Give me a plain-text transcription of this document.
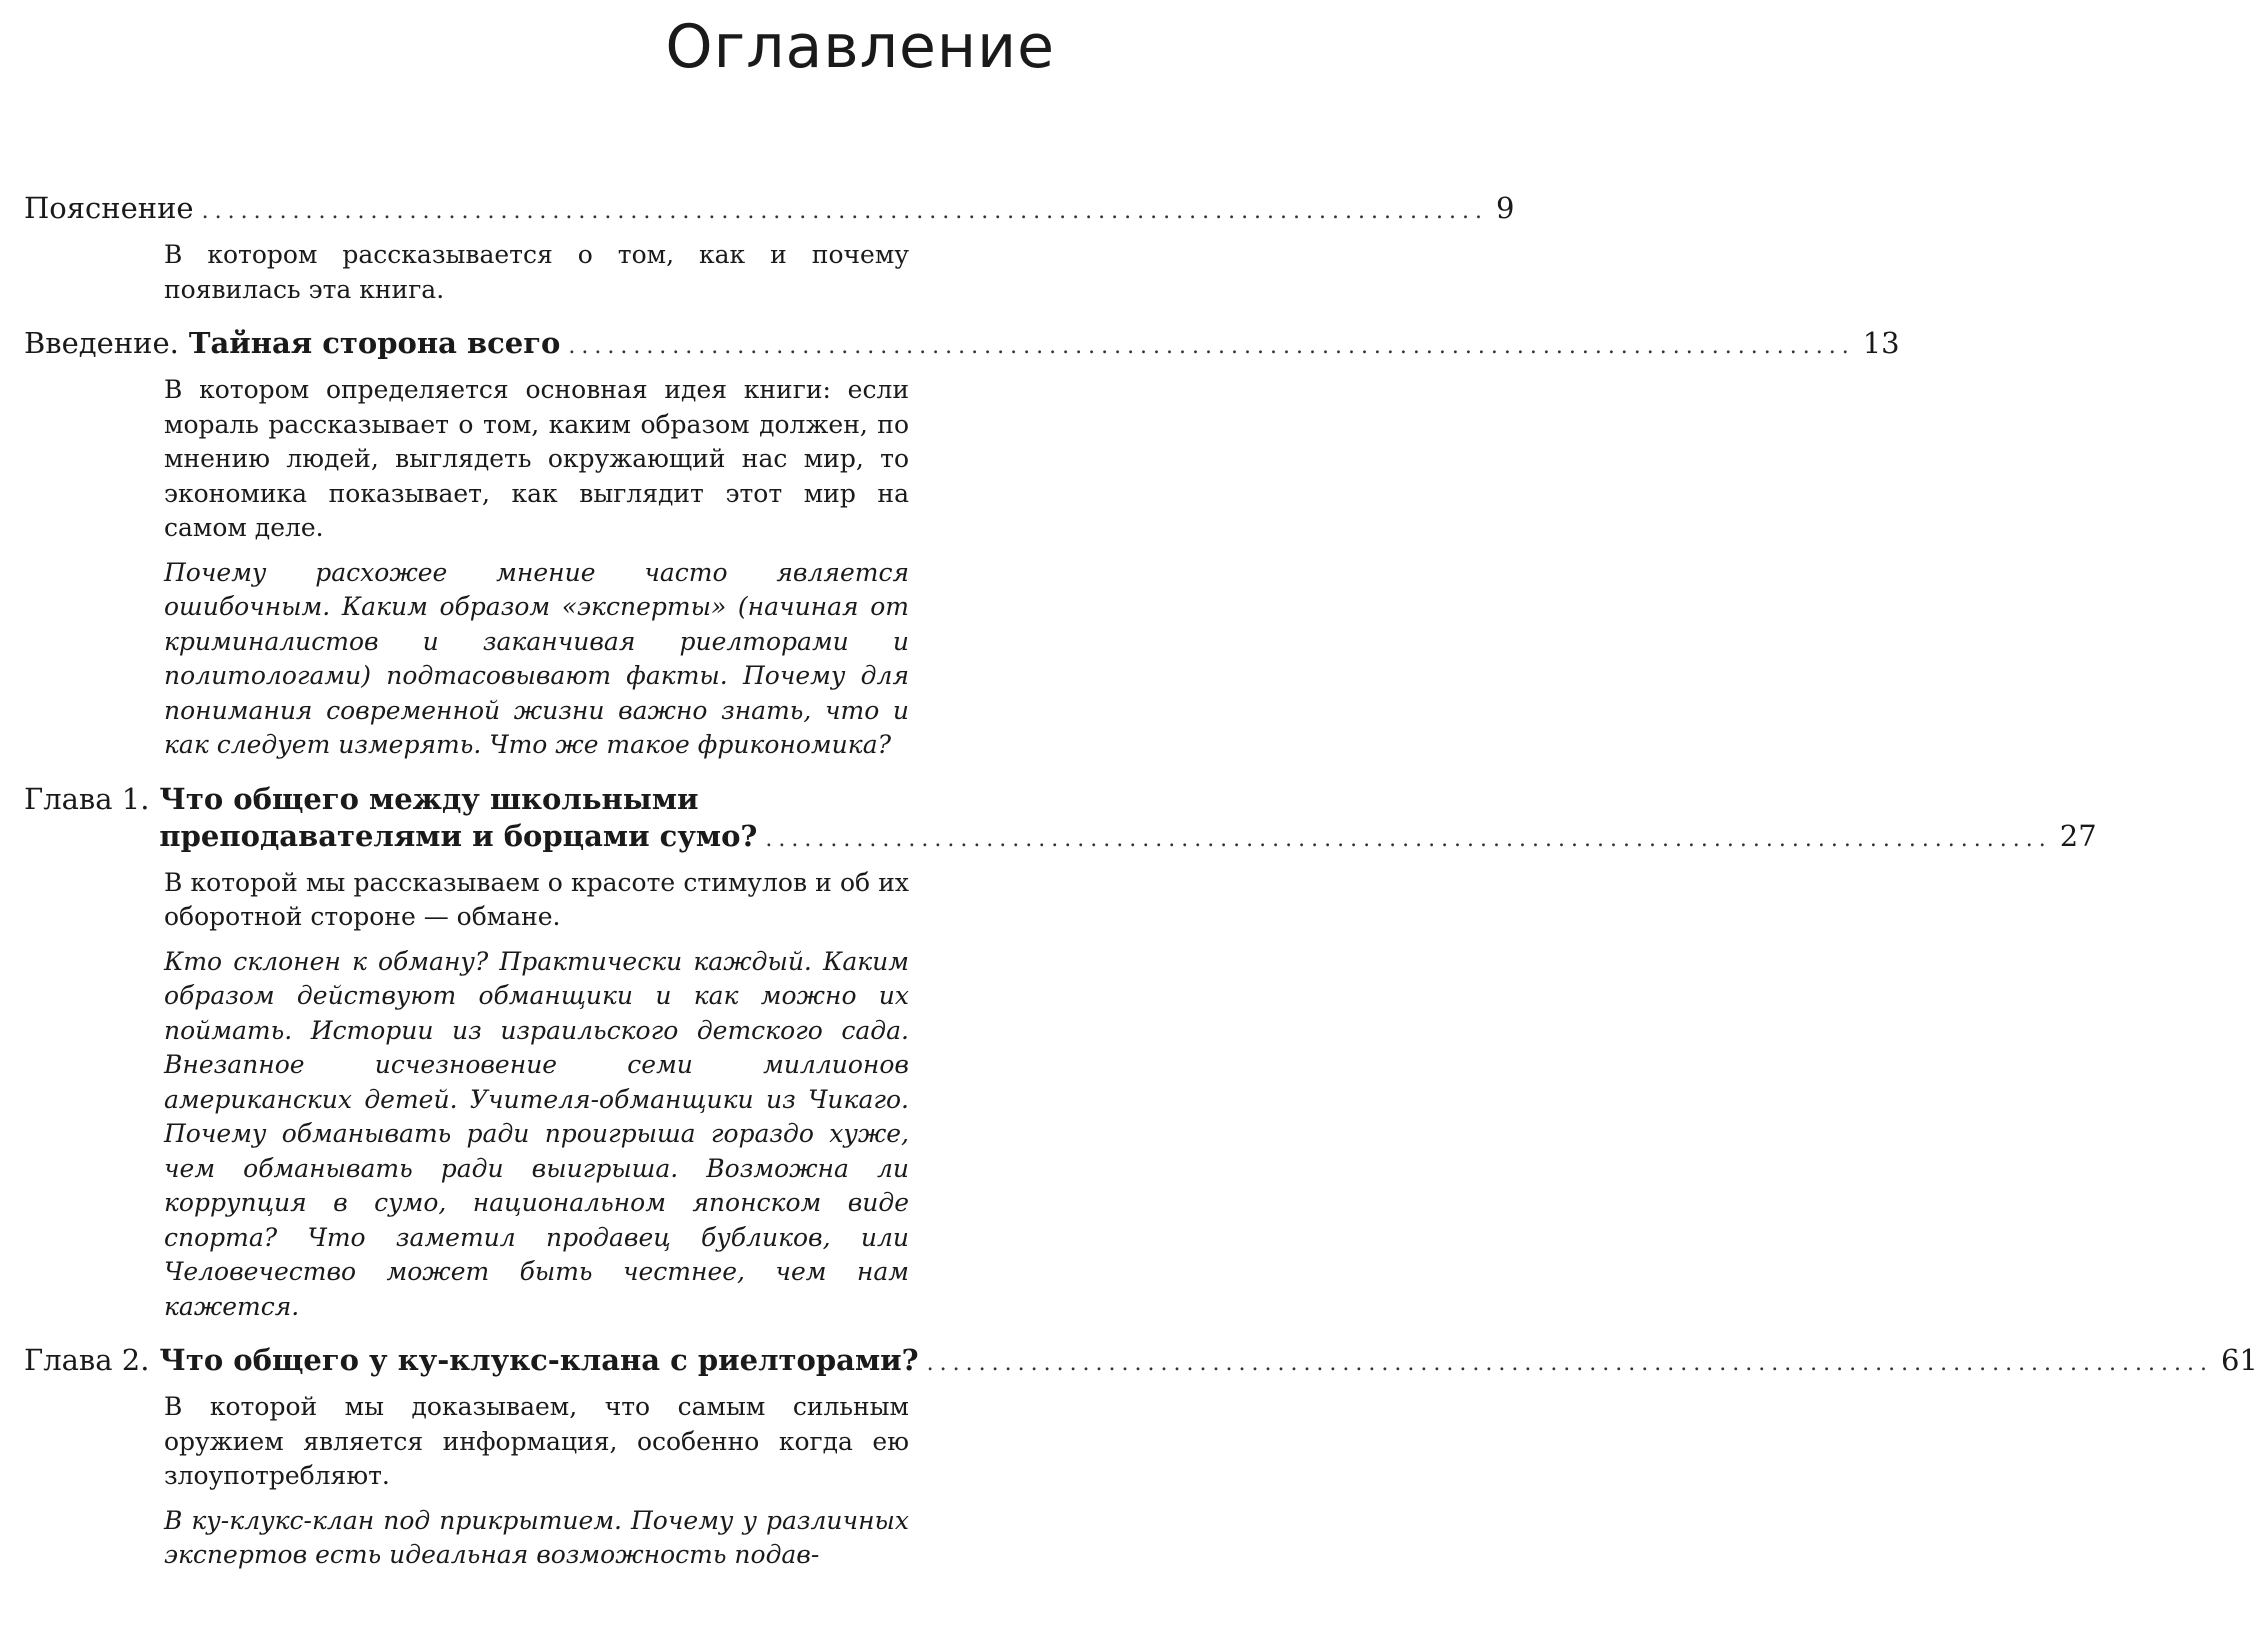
Оглавление
Пояснение ................................................................................................... 9

В котором рассказывается о том, как и почему появилась эта книга.

Введение. Тайная сторона всего ................................................................................................... 13

В котором определяется основная идея книги: если мораль рассказывает о том, каким образом должен, по мнению людей, выглядеть окружающий нас мир, то экономика показывает, как выглядит этот мир на самом деле.

Почему расхожее мнение часто является ошибочным. Каким образом «эксперты» (начиная от криминалистов и заканчивая риелторами и политологами) подтасовывают факты. Почему для понимания современной жизни важно знать, что и как следует измерять. Что же такое фрикономика?

Глава 1. Что общего между школьными
преподавателями и борцами сумо? ................................................................................................... 27

В которой мы рассказываем о красоте стимулов и об их оборотной стороне — обмане.

Кто склонен к обману? Практически каждый. Каким образом действуют обманщики и как можно их поймать. Истории из израильского детского сада. Внезапное исчезновение семи миллионов американских детей. Учителя-обманщики из Чикаго. Почему обманывать ради проигрыша гораздо хуже, чем обманывать ради выигрыша. Возможна ли коррупция в сумо, национальном японском виде спорта? Что заметил продавец бубликов, или Человечество может быть честнее, чем нам кажется.

Глава 2. Что общего у ку-клукс-клана с риелторами? ................................................................................................... 61

В которой мы доказываем, что самым сильным оружием является информация, особенно когда ею злоупотребляют.

В ку-клукс-клан под прикрытием. Почему у различных экспертов есть идеальная возможность подав-
